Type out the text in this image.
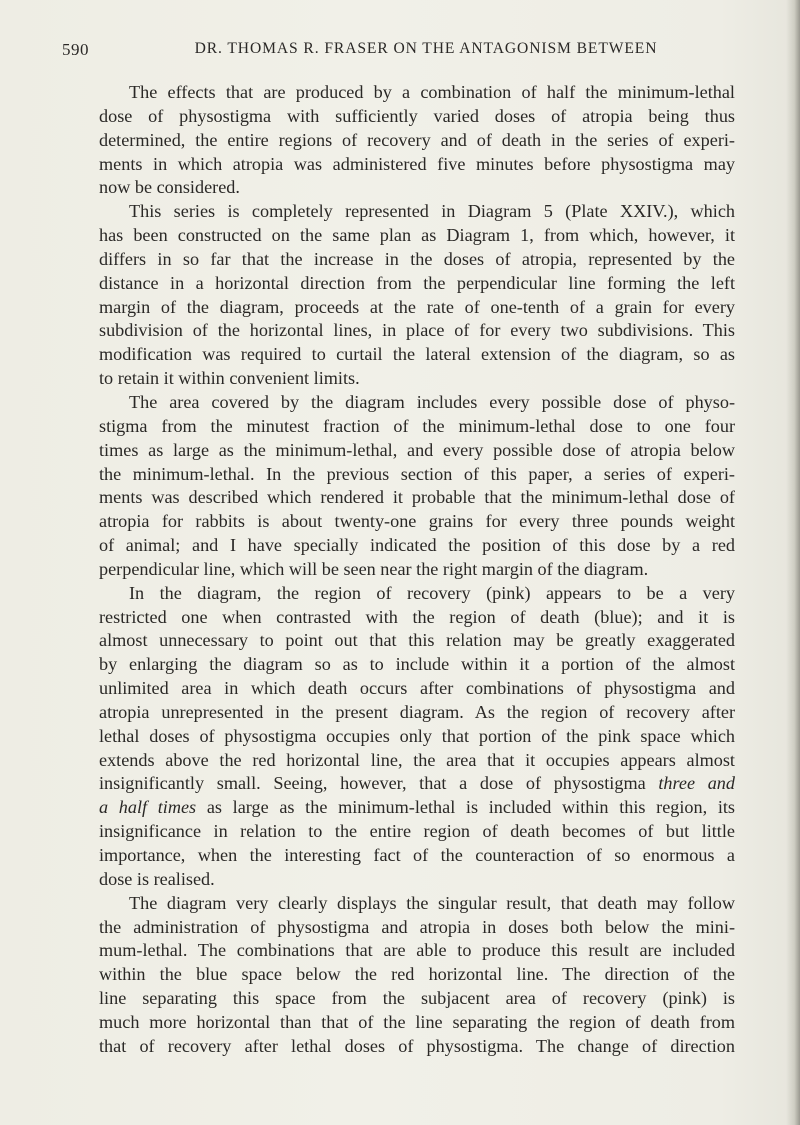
590	DR. THOMAS R. FRASER ON THE ANTAGONISM BETWEEN
The effects that are produced by a combination of half the minimum-lethal
dose of physostigma with sufficiently varied doses of atropia being thus
determined, the entire regions of recovery and of death in the series of experi-
ments in which atropia was administered five minutes before physostigma may
now be considered.
This series is completely represented in Diagram 5 (Plate XXIV.), which
has been constructed on the same plan as Diagram 1, from which, however, it
differs in so far that the increase in the doses of atropia, represented by the
distance in a horizontal direction from the perpendicular line forming the left
margin of the diagram, proceeds at the rate of one-tenth of a grain for every
subdivision of the horizontal lines, in place of for every two subdivisions. This
modification was required to curtail the lateral extension of the diagram, so as
to retain it within convenient limits.
The area covered by the diagram includes every possible dose of physo-
stigma from the minutest fraction of the minimum-lethal dose to one four
times as large as the minimum-lethal, and every possible dose of atropia below
the minimum-lethal. In the previous section of this paper, a series of experi-
ments was described which rendered it probable that the minimum-lethal dose of
atropia for rabbits is about twenty-one grains for every three pounds weight
of animal; and I have specially indicated the position of this dose by a red
perpendicular line, which will be seen near the right margin of the diagram.
In the diagram, the region of recovery (pink) appears to be a very
restricted one when contrasted with the region of death (blue); and it is
almost unnecessary to point out that this relation may be greatly exaggerated
by enlarging the diagram so as to include within it a portion of the almost
unlimited area in which death occurs after combinations of physostigma and
atropia unrepresented in the present diagram. As the region of recovery after
lethal doses of physostigma occupies only that portion of the pink space which
extends above the red horizontal line, the area that it occupies appears almost
insignificantly small. Seeing, however, that a dose of physostigma three and
a half times as large as the minimum-lethal is included within this region, its
insignificance in relation to the entire region of death becomes of but little
importance, when the interesting fact of the counteraction of so enormous a
dose is realised.
The diagram very clearly displays the singular result, that death may follow
the administration of physostigma and atropia in doses both below the mini-
mum-lethal. The combinations that are able to produce this result are included
within the blue space below the red horizontal line. The direction of the
line separating this space from the subjacent area of recovery (pink) is
much more horizontal than that of the line separating the region of death from
that of recovery after lethal doses of physostigma. The change of direction
